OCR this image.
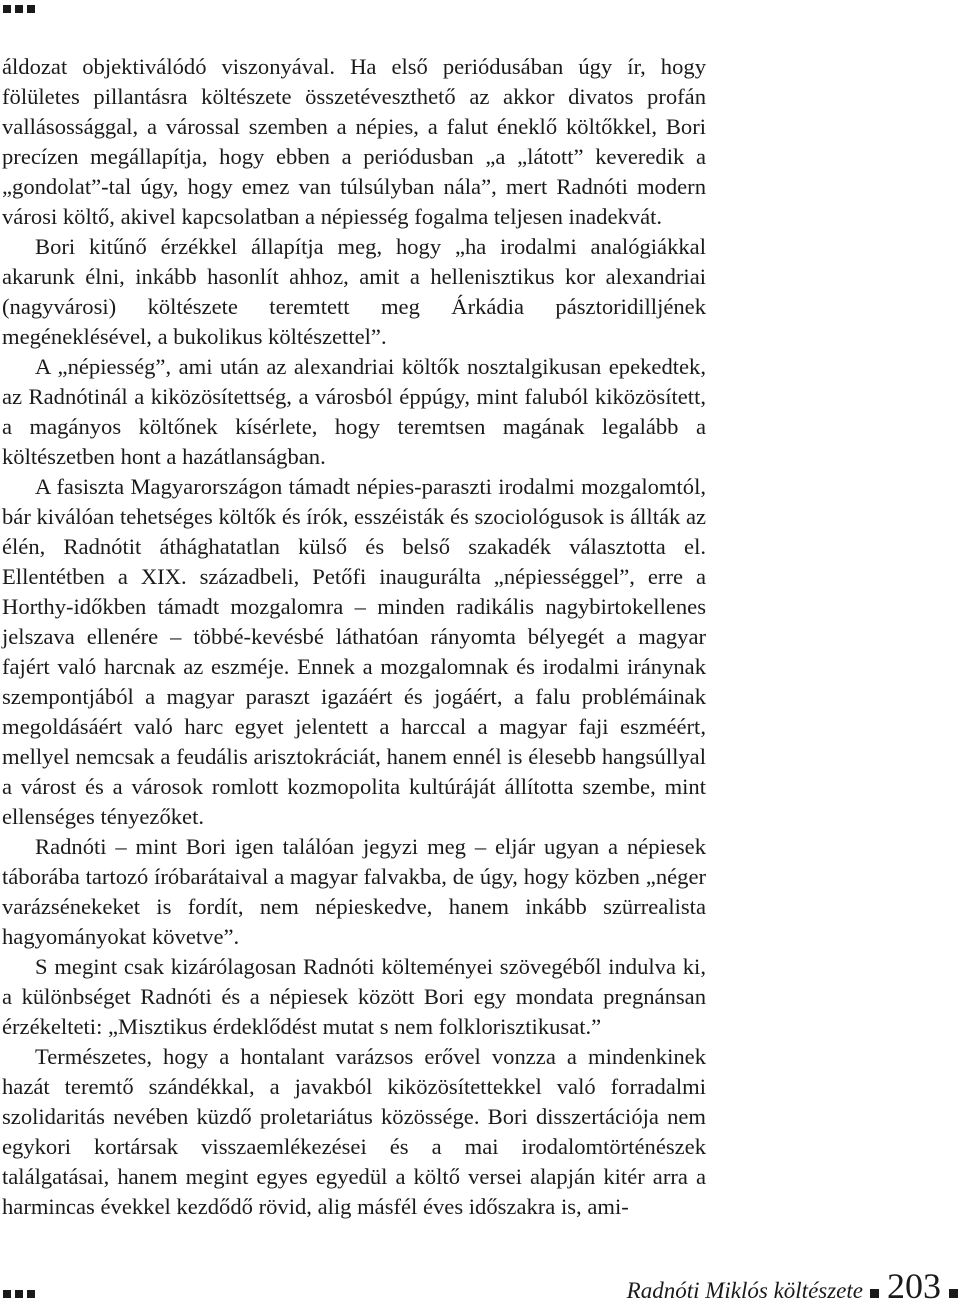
áldozat objektiválódó viszonyával. Ha első periódusában úgy ír, hogy fölületes pillantásra költészete összetéveszthető az akkor divatos profán vallásossággal, a várossal szemben a népies, a falut éneklő költőkkel, Bori precízen megállapítja, hogy ebben a periódusban „a „látott” keveredik a „gondolat”-tal úgy, hogy emez van túlsúlyban nála”, mert Radnóti modern városi költő, akivel kapcsolatban a népiesség fogalma teljesen inadekvát.

Bori kitűnő érzékkel állapítja meg, hogy „ha irodalmi analógiákkal akarunk élni, inkább hasonlít ahhoz, amit a hellenisztikus kor alexandriai (nagyvárosi) költészete teremtett meg Árkádia pásztoridilljének megéneklésével, a bukolikus költészettel”.

A „népiesség”, ami után az alexandriai költők nosztalgikusan epekedtek, az Radnótinál a kiközösítettség, a városból éppúgy, mint faluból kiközösített, a magányos költőnek kísérlete, hogy teremtsen magának legalább a költészetben hont a hazátlanságban.

A fasiszta Magyarországon támadt népies-paraszti irodalmi mozgalomtól, bár kiválóan tehetséges költők és írók, esszéisták és szociológusok is állták az élén, Radnótit áthághatatlan külső és belső szakadék választotta el. Ellentétben a XIX. századbeli, Petőfi inaugurálta „népiességgel”, erre a Horthy-időkben támadt mozgalomra – minden radikális nagybirtokellenes jelszava ellenére – többé-kevésbé láthatóan rányomta bélyegét a magyar fajért való harcnak az eszméje. Ennek a mozgalomnak és irodalmi iránynak szempontjából a magyar paraszt igazáért és jogáért, a falu problémáinak megoldásáért való harc egyet jelentett a harccal a magyar faji eszméért, mellyel nemcsak a feudális arisztokráciát, hanem ennél is élesebb hangsúllyal a várost és a városok romlott kozmopolita kultúráját állította szembe, mint ellenséges tényezőket.

Radnóti – mint Bori igen találóan jegyzi meg – eljár ugyan a népiesek táborába tartozó íróbarátaival a magyar falvakba, de úgy, hogy közben „néger varázsénekeket is fordít, nem népieskedve, hanem inkább szürrealista hagyományokat követve”.

S megint csak kizárólagosan Radnóti költeményei szövegéből indulva ki, a különbséget Radnóti és a népiesek között Bori egy mondata pregnánsan érzékelteti: „Misztikus érdeklődést mutat s nem folklorisztikusat.”

Természetes, hogy a hontalant varázsos erővel vonzza a mindenkinek hazát teremtő szándékkal, a javakból kiközösítettekkel való forradalmi szolidaritás nevében küzdő proletariátus közössége. Bori disszertációja nem egykori kortársak visszaemlékezései és a mai irodalomtörténészek találgatásai, hanem megint egyes egyedül a költő versei alapján kitér arra a harmincas évekkel kezdődő rövid, alig másfél éves időszakra is, ami-

Radnóti Miklós költészete 203
